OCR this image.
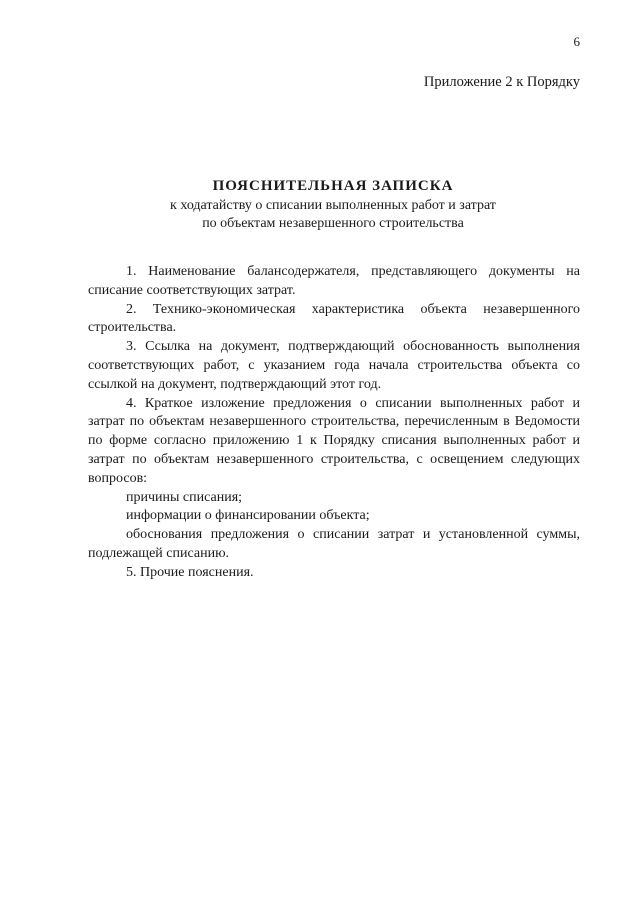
6
Приложение 2 к Порядку
ПОЯСНИТЕЛЬНАЯ ЗАПИСКА
к ходатайству о списании выполненных работ и затрат
по объектам незавершенного строительства

1. Наименование балансодержателя, представляющего документы на списание соответствующих затрат.

2. Технико-экономическая характеристика объекта незавершенного строительства.

3. Ссылка на документ, подтверждающий обоснованность выполнения соответствующих работ, с указанием года начала строительства объекта со ссылкой на документ, подтверждающий этот год.

4. Краткое изложение предложения о списании выполненных работ и затрат по объектам незавершенного строительства, перечисленным в Ведомости по форме согласно приложению 1 к Порядку списания выполненных работ и затрат по объектам незавершенного строительства, с освещением следующих вопросов:

причины списания;

информации о финансировании объекта;

обоснования предложения о списании затрат и установленной суммы, подлежащей списанию.

5. Прочие пояснения.
